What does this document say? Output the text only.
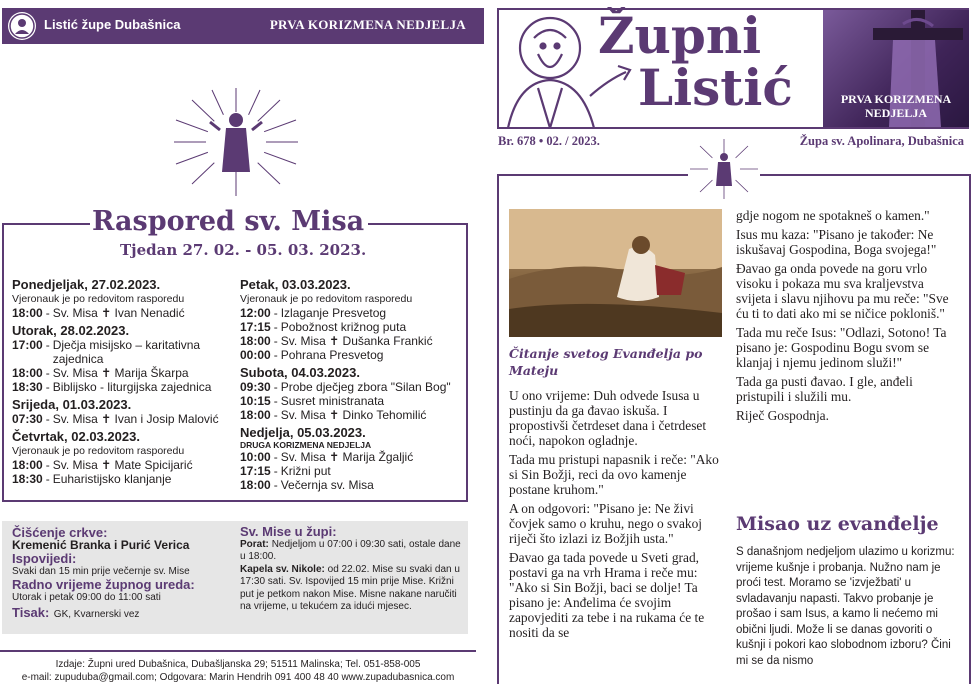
Listić župe Dubašnica	PRVA KORIZMENA NEDJELJA
Raspored sv. Misa
Tjedan 27. 02. - 05. 03. 2023.
Ponedjeljak, 27.02.2023.
Vjeronauk je po redovitom rasporedu
18:00 - Sv. Misa ✝ Ivan Nenadić
Utorak, 28.02.2023.
17:00 - Dječja misijsko – karitativna zajednica
18:00 - Sv. Misa ✝ Marija Škarpa
18:30 - Biblijsko - liturgijska zajednica
Srijeda, 01.03.2023.
07:30 - Sv. Misa ✝ Ivan i Josip Malović
Četvrtak, 02.03.2023.
Vjeronauk je po redovitom rasporedu
18:00 - Sv. Misa ✝ Mate Spicijarić
18:30 - Euharistijsko klanjanje
Petak, 03.03.2023.
Vjeronauk je po redovitom rasporedu
12:00 - Izlaganje Presvetog
17:15 - Pobožnost križnog puta
18:00 - Sv. Misa ✝ Dušanka Frankić
00:00 - Pohrana Presvetog
Subota, 04.03.2023.
09:30 - Probe dječjeg zbora "Silan Bog"
10:15 - Susret ministranata
18:00 - Sv. Misa ✝ Dinko Tehomilić
Nedjelja, 05.03.2023.
DRUGA KORIZMENA NEDJELJA
10:00 - Sv. Misa ✝ Marija Žgaljić
17:15 - Križni put
18:00 - Večernja sv. Misa
Čišćenje crkve:
Kremenić Branka i Purić Verica
Ispovijedi:
Svaki dan 15 min prije večernje sv. Mise
Radno vrijeme župnog ureda:
Utorak i petak 09:00 do 11:00 sati
Tisak: GK, Kvarnerski vez
Sv. Mise u župi:
Porat: Nedjeljom u 07:00 i 09:30 sati, ostale dane u 18:00.
Kapela sv. Nikole: od 22.02. Mise su svaki dan u 17:30 sati. Sv. Ispovijed 15 min prije Mise. Križni put je petkom nakon Mise. Misne nakane naručiti na vrijeme, u tekućem za idući mjesec.
Izdaje: Župni ured Dubašnica, Dubašljanska 29; 51511 Malinska; Tel. 051-858-005
e-mail: zupuduba@gmail.com; Odgovara: Marin Hendrih 091 400 48 40 www.zupadubasnica.com
PRVA KORIZMENA
NEDJELJA
Župni
Listić
Br. 678 • 02. / 2023.	Župa sv. Apolinara, Dubašnica
Čitanje svetog Evanđelja po Mateju

U ono vrijeme: Duh odvede Isusa u pustinju da ga đavao iskuša. I propostivši četrdeset dana i četrdeset noći, napokon ogladnje.

Tada mu pristupi napasnik i reče: "Ako si Sin Božji, reci da ovo kamenje postane kruhom."

A on odgovori: "Pisano je: Ne živi čovjek samo o kruhu, nego o svakoj riječi što izlazi iz Božjih usta."

Đavao ga tada povede u Sveti grad, postavi ga na vrh Hrama i reče mu: "Ako si Sin Božji, baci se dolje! Ta pisano je: Anđelima će svojim zapovjediti za tebe i na rukama će te nositi da se

gdje nogom ne spotakneš o kamen."

Isus mu kaza: "Pisano je također: Ne iskušavaj Gospodina, Boga svojega!"

Đavao ga onda povede na goru vrlo visoku i pokaza mu sva kraljevstva svijeta i slavu njihovu pa mu reče: "Sve ću ti to dati ako mi se ničice pokloniš."

Tada mu reče Isus: "Odlazi, Sotono! Ta pisano je: Gospodinu Bogu svom se klanjaj i njemu jedinom služi!"

Tada ga pusti đavao. I gle, anđeli pristupili i služili mu.

Riječ Gospodnja.

Misao uz evanđelje
S današnjom nedjeljom ulazimo u korizmu: vrijeme kušnje i probanja. Nužno nam je proći test. Moramo se 'izvježbati' u svladavanju napasti. Takvo probanje je prošao i sam Isus, a kamo li nećemo mi obični ljudi. Može li se danas govoriti o kušnji i pokori kao slobodnom izboru? Čini mi se da nismo
